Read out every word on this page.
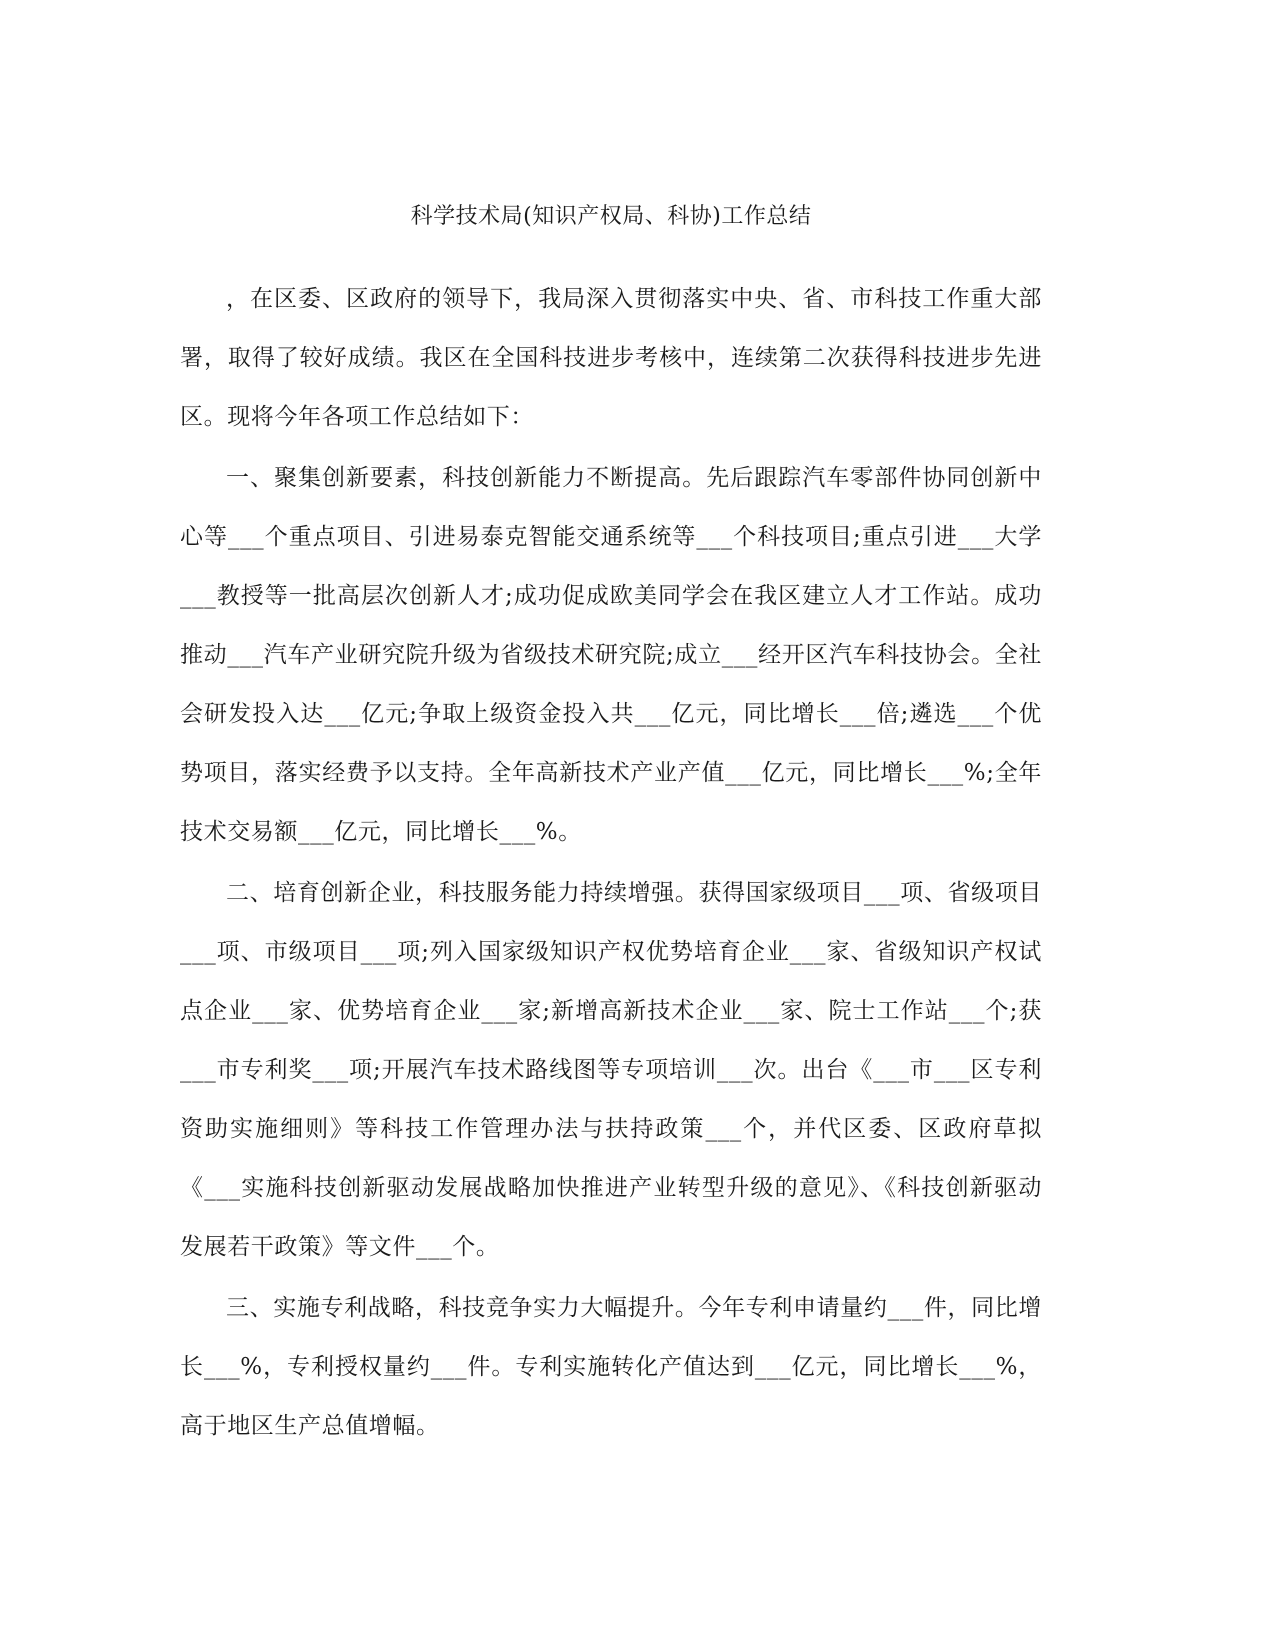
科学技术局(知识产权局、科协)工作总结

，在区委、区政府的领导下，我局深入贯彻落实中央、省、市科技工作重大部署，取得了较好成绩。我区在全国科技进步考核中，连续第二次获得科技进步先进区。现将今年各项工作总结如下：

一、聚集创新要素，科技创新能力不断提高。先后跟踪汽车零部件协同创新中心等___个重点项目、引进易泰克智能交通系统等___个科技项目;重点引进___大学___教授等一批高层次创新人才;成功促成欧美同学会在我区建立人才工作站。成功推动___汽车产业研究院升级为省级技术研究院;成立___经开区汽车科技协会。全社会研发投入达___亿元;争取上级资金投入共___亿元，同比增长___倍;遴选___个优势项目，落实经费予以支持。全年高新技术产业产值___亿元，同比增长___%;全年技术交易额___亿元，同比增长___%。

二、培育创新企业，科技服务能力持续增强。获得国家级项目___项、省级项目___项、市级项目___项;列入国家级知识产权优势培育企业___家、省级知识产权试点企业___家、优势培育企业___家;新增高新技术企业___家、院士工作站___个;获___市专利奖___项;开展汽车技术路线图等专项培训___次。出台《___市___区专利资助实施细则》等科技工作管理办法与扶持政策___个，并代区委、区政府草拟《___实施科技创新驱动发展战略加快推进产业转型升级的意见》、《科技创新驱动发展若干政策》等文件___个。

三、实施专利战略，科技竞争实力大幅提升。今年专利申请量约___件，同比增长___%，专利授权量约___件。专利实施转化产值达到___亿元，同比增长___%，高于地区生产总值增幅。
